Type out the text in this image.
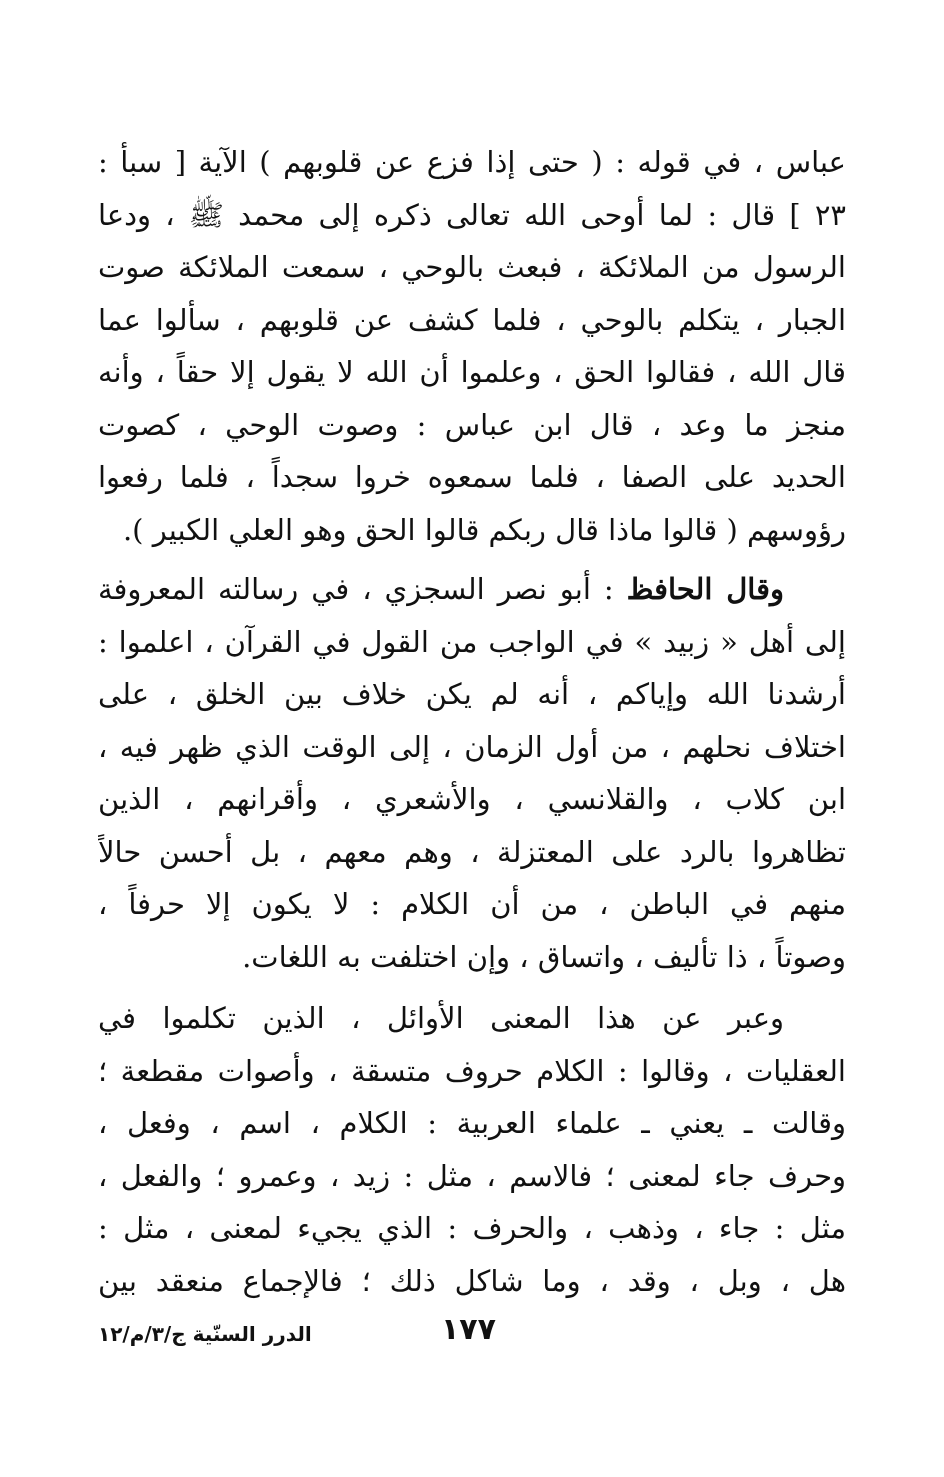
عباس ، في قوله : ( حتى إذا فزع عن قلوبهم ) الآية [ سبأ :
٢٣ ] قال : لما أوحى الله تعالى ذكره إلى محمد ﷺ ، ودعا
الرسول من الملائكة ، فبعث بالوحي ، سمعت الملائكة صوت
الجبار ، يتكلم بالوحي ، فلما كشف عن قلوبهم ، سألوا عما
قال الله ، فقالوا الحق ، وعلموا أن الله لا يقول إلا حقاً ، وأنه
منجز ما وعد ، قال ابن عباس : وصوت الوحي ، كصوت
الحديد على الصفا ، فلما سمعوه خروا سجداً ، فلما رفعوا
رؤوسهم ( قالوا ماذا قال ربكم قالوا الحق وهو العلي الكبير ).
وقال الحافظ : أبو نصر السجزي ، في رسالته المعروفة
إلى أهل « زبيد » في الواجب من القول في القرآن ، اعلموا :
أرشدنا الله وإياكم ، أنه لم يكن خلاف بين الخلق ، على
اختلاف نحلهم ، من أول الزمان ، إلى الوقت الذي ظهر فيه ،
ابن كلاب ، والقلانسي ، والأشعري ، وأقرانهم ، الذين
تظاهروا بالرد على المعتزلة ، وهم معهم ، بل أحسن حالاً
منهم في الباطن ، من أن الكلام : لا يكون إلا حرفاً ،
وصوتاً ، ذا تأليف ، واتساق ، وإن اختلفت به اللغات.
وعبر عن هذا المعنى الأوائل ، الذين تكلموا في
العقليات ، وقالوا : الكلام حروف متسقة ، وأصوات مقطعة ؛
وقالت ـ يعني ـ علماء العربية : الكلام ، اسم ، وفعل ،
وحرف جاء لمعنى ؛ فالاسم ، مثل : زيد ، وعمرو ؛ والفعل ،
مثل : جاء ، وذهب ، والحرف : الذي يجيء لمعنى ، مثل :
هل ، وبل ، وقد ، وما شاكل ذلك ؛ فالإجماع منعقد بين
١٧٧
الدرر السنّية ج/٣/م/١٢
